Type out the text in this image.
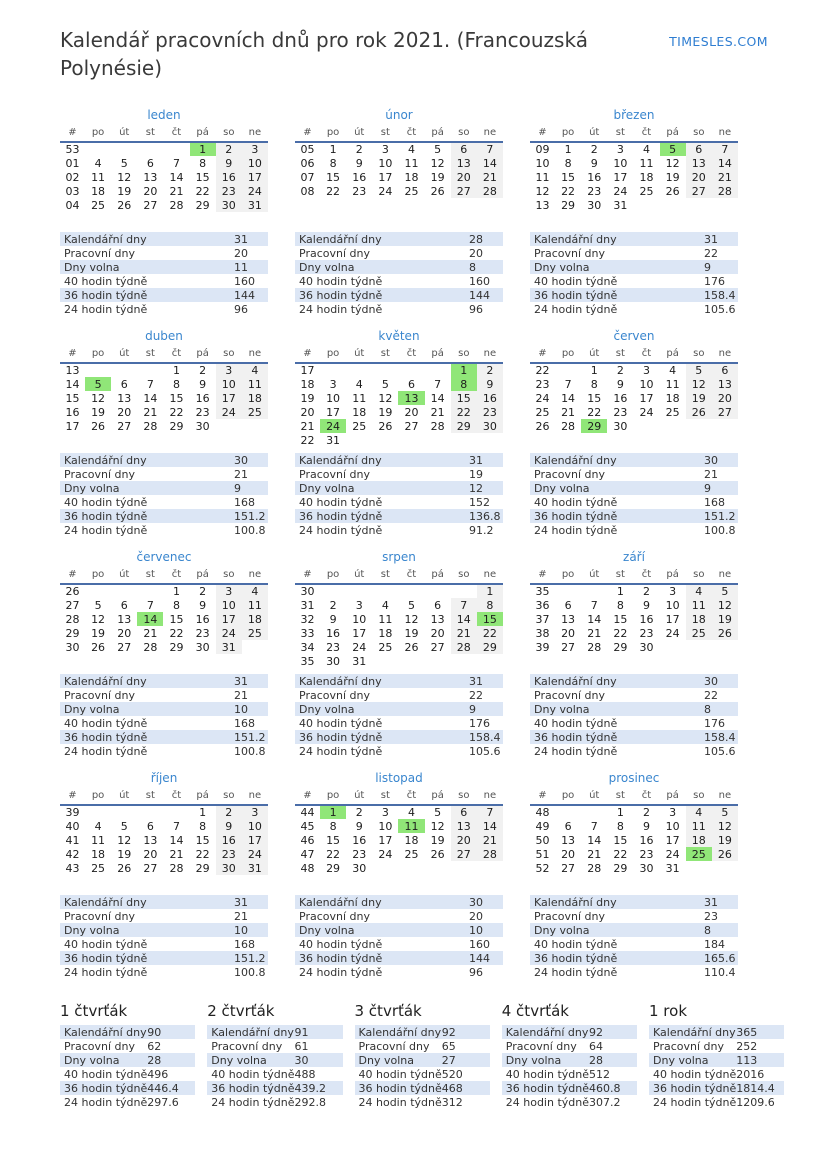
Kalendář pracovních dnů pro rok 2021. (Francouzská Polynésie)
TIMESLES.COM
leden
#	po	út	st	čt	pá	so	ne
53					1	2	3
01	4	5	6	7	8	9	10
02	11	12	13	14	15	16	17
03	18	19	20	21	22	23	24
04	25	26	27	28	29	30	31
Kalendářní dny	31
Pracovní dny	20
Dny volna	11
40 hodin týdně	160
36 hodin týdně	144
24 hodin týdně	96
únor
#	po	út	st	čt	pá	so	ne
05	1	2	3	4	5	6	7
06	8	9	10	11	12	13	14
07	15	16	17	18	19	20	21
08	22	23	24	25	26	27	28
Kalendářní dny	28
Pracovní dny	20
Dny volna	8
40 hodin týdně	160
36 hodin týdně	144
24 hodin týdně	96
březen
#	po	út	st	čt	pá	so	ne
09	1	2	3	4	5	6	7
10	8	9	10	11	12	13	14
11	15	16	17	18	19	20	21
12	22	23	24	25	26	27	28
13	29	30	31				
Kalendářní dny	31
Pracovní dny	22
Dny volna	9
40 hodin týdně	176
36 hodin týdně	158.4
24 hodin týdně	105.6
duben
#	po	út	st	čt	pá	so	ne
13				1	2	3	4
14	5	6	7	8	9	10	11
15	12	13	14	15	16	17	18
16	19	20	21	22	23	24	25
17	26	27	28	29	30		
Kalendářní dny	30
Pracovní dny	21
Dny volna	9
40 hodin týdně	168
36 hodin týdně	151.2
24 hodin týdně	100.8
květen
#	po	út	st	čt	pá	so	ne
17						1	2
18	3	4	5	6	7	8	9
19	10	11	12	13	14	15	16
20	17	18	19	20	21	22	23
21	24	25	26	27	28	29	30
22	31						
Kalendářní dny	31
Pracovní dny	19
Dny volna	12
40 hodin týdně	152
36 hodin týdně	136.8
24 hodin týdně	91.2
červen
#	po	út	st	čt	pá	so	ne
22		1	2	3	4	5	6
23	7	8	9	10	11	12	13
24	14	15	16	17	18	19	20
25	21	22	23	24	25	26	27
26	28	29	30				
Kalendářní dny	30
Pracovní dny	21
Dny volna	9
40 hodin týdně	168
36 hodin týdně	151.2
24 hodin týdně	100.8
červenec
#	po	út	st	čt	pá	so	ne
26				1	2	3	4
27	5	6	7	8	9	10	11
28	12	13	14	15	16	17	18
29	19	20	21	22	23	24	25
30	26	27	28	29	30	31	
Kalendářní dny	31
Pracovní dny	21
Dny volna	10
40 hodin týdně	168
36 hodin týdně	151.2
24 hodin týdně	100.8
srpen
#	po	út	st	čt	pá	so	ne
30							1
31	2	3	4	5	6	7	8
32	9	10	11	12	13	14	15
33	16	17	18	19	20	21	22
34	23	24	25	26	27	28	29
35	30	31					
Kalendářní dny	31
Pracovní dny	22
Dny volna	9
40 hodin týdně	176
36 hodin týdně	158.4
24 hodin týdně	105.6
září
#	po	út	st	čt	pá	so	ne
35			1	2	3	4	5
36	6	7	8	9	10	11	12
37	13	14	15	16	17	18	19
38	20	21	22	23	24	25	26
39	27	28	29	30			
Kalendářní dny	30
Pracovní dny	22
Dny volna	8
40 hodin týdně	176
36 hodin týdně	158.4
24 hodin týdně	105.6
říjen
#	po	út	st	čt	pá	so	ne
39					1	2	3
40	4	5	6	7	8	9	10
41	11	12	13	14	15	16	17
42	18	19	20	21	22	23	24
43	25	26	27	28	29	30	31
Kalendářní dny	31
Pracovní dny	21
Dny volna	10
40 hodin týdně	168
36 hodin týdně	151.2
24 hodin týdně	100.8
listopad
#	po	út	st	čt	pá	so	ne
44	1	2	3	4	5	6	7
45	8	9	10	11	12	13	14
46	15	16	17	18	19	20	21
47	22	23	24	25	26	27	28
48	29	30					
Kalendářní dny	30
Pracovní dny	20
Dny volna	10
40 hodin týdně	160
36 hodin týdně	144
24 hodin týdně	96
prosinec
#	po	út	st	čt	pá	so	ne
48			1	2	3	4	5
49	6	7	8	9	10	11	12
50	13	14	15	16	17	18	19
51	20	21	22	23	24	25	26
52	27	28	29	30	31		
Kalendářní dny	31
Pracovní dny	23
Dny volna	8
40 hodin týdně	184
36 hodin týdně	165.6
24 hodin týdně	110.4
1 čtvrťák
Kalendářní dny 90
Pracovní dny	62
Dny volna	28
40 hodin týdně 496
36 hodin týdně 446.4
24 hodin týdně 297.6
2 čtvrťák
Kalendářní dny 91
Pracovní dny	61
Dny volna	30
40 hodin týdně 488
36 hodin týdně 439.2
24 hodin týdně 292.8
3 čtvrťák
Kalendářní dny 92
Pracovní dny	65
Dny volna	27
40 hodin týdně 520
36 hodin týdně 468
24 hodin týdně 312
4 čtvrťák
Kalendářní dny 92
Pracovní dny	64
Dny volna	28
40 hodin týdně 512
36 hodin týdně 460.8
24 hodin týdně 307.2
1 rok
Kalendářní dny 365
Pracovní dny	252
Dny volna	113
40 hodin týdně 2016
36 hodin týdně 1814.4
24 hodin týdně 1209.6
